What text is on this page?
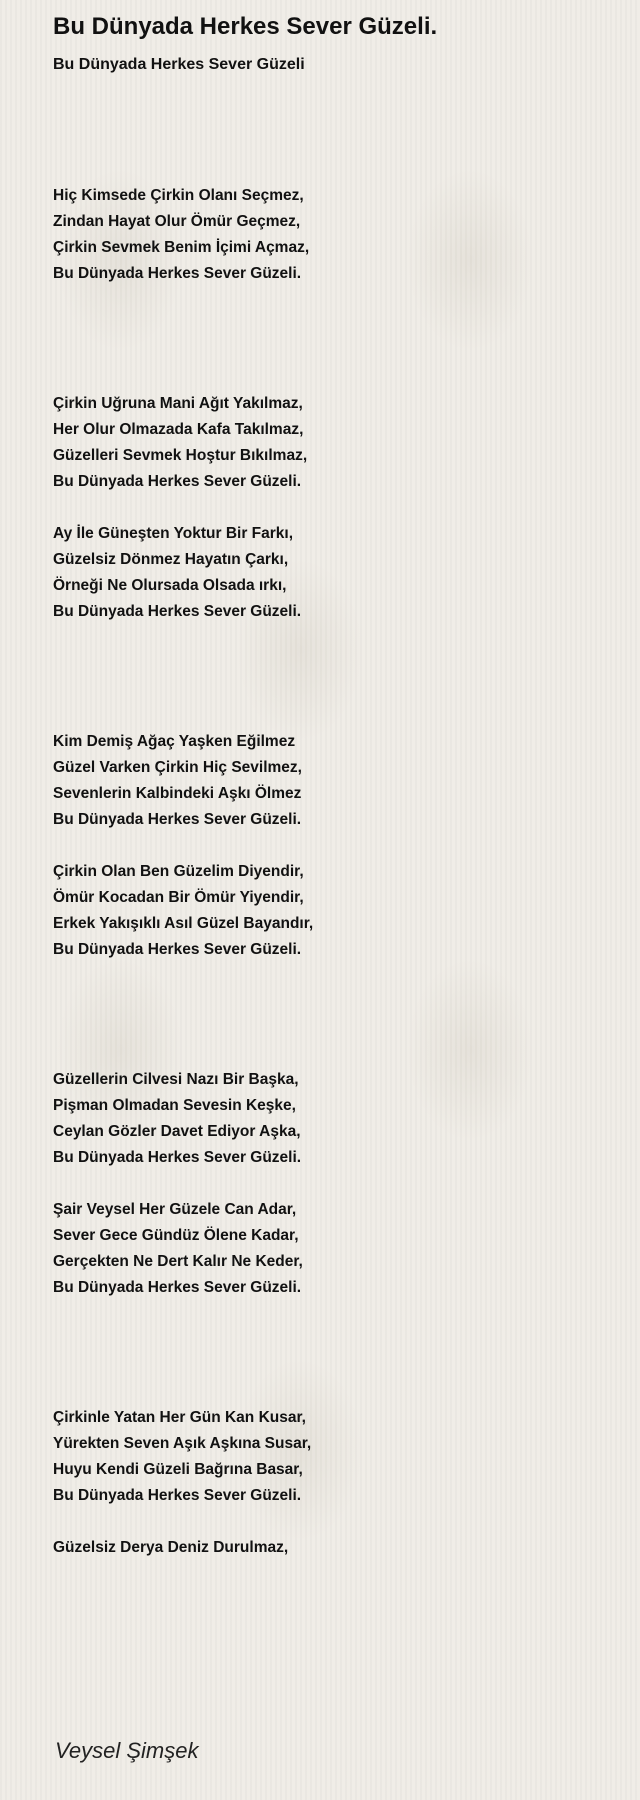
Bu Dünyada Herkes Sever Güzeli.
Bu Dünyada Herkes Sever Güzeli
Hiç Kimsede Çirkin Olanı Seçmez,
Zindan Hayat Olur Ömür Geçmez,
Çirkin Sevmek Benim İçimi Açmaz,
Bu Dünyada Herkes Sever Güzeli.
Çirkin Uğruna Mani Ağıt Yakılmaz,
Her Olur Olmazada Kafa Takılmaz,
Güzelleri Sevmek Hoştur Bıkılmaz,
Bu Dünyada Herkes Sever Güzeli.
Ay İle Güneşten Yoktur Bir Farkı,
Güzelsiz Dönmez Hayatın Çarkı,
Örneği Ne Olursada Olsada ırkı,
Bu Dünyada Herkes Sever Güzeli.
Kim Demiş Ağaç Yaşken Eğilmez
Güzel Varken Çirkin Hiç Sevilmez,
Sevenlerin Kalbindeki Aşkı Ölmez
Bu Dünyada Herkes Sever Güzeli.
Çirkin Olan Ben Güzelim Diyendir,
Ömür Kocadan Bir Ömür Yiyendir,
Erkek Yakışıklı Asıl Güzel Bayandır,
Bu Dünyada Herkes Sever Güzeli.
Güzellerin Cilvesi Nazı Bir Başka,
Pişman Olmadan Sevesin Keşke,
Ceylan Gözler Davet Ediyor Aşka,
Bu Dünyada Herkes Sever Güzeli.
Şair Veysel Her Güzele Can Adar,
Sever Gece Gündüz Ölene Kadar,
Gerçekten Ne Dert Kalır Ne Keder,
Bu Dünyada Herkes Sever Güzeli.
Çirkinle Yatan Her Gün Kan Kusar,
Yürekten Seven Aşık Aşkına Susar,
Huyu Kendi Güzeli Bağrına Basar,
Bu Dünyada Herkes Sever Güzeli.
Güzelsiz Derya Deniz Durulmaz,
Veysel Şimşek
